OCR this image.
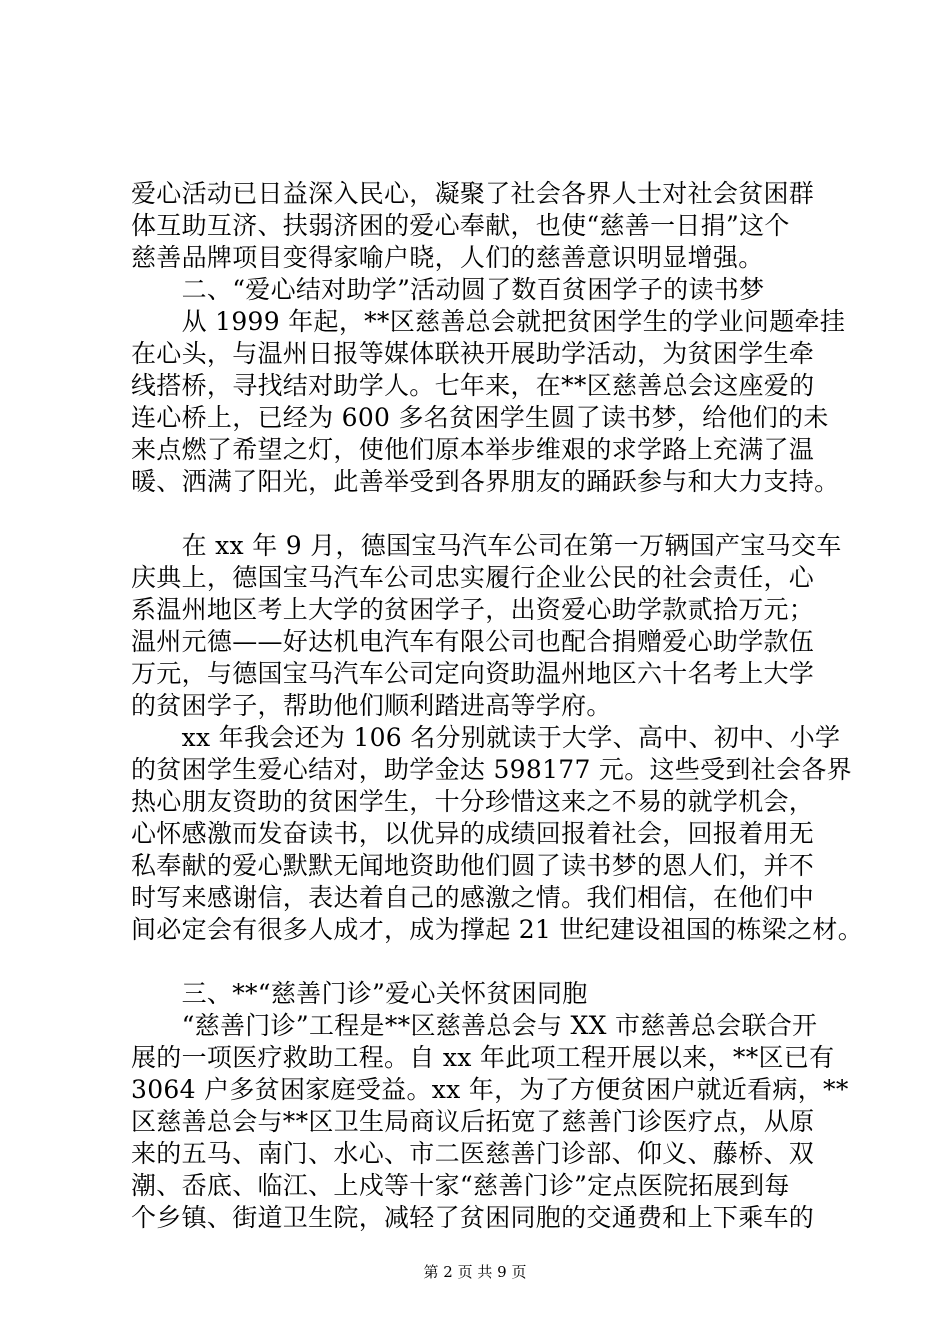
爱心活动已日益深入民心，凝聚了社会各界人士对社会贫困群
体互助互济、扶弱济困的爱心奉献，也使“慈善一日捐”这个
慈善品牌项目变得家喻户晓，人们的慈善意识明显增强。
　　二、“爱心结对助学”活动圆了数百贫困学子的读书梦
　　从 1999 年起，**区慈善总会就把贫困学生的学业问题牵挂
在心头，与温州日报等媒体联袂开展助学活动，为贫困学生牵
线搭桥，寻找结对助学人。七年来，在**区慈善总会这座爱的
连心桥上，已经为 600 多名贫困学生圆了读书梦，给他们的未
来点燃了希望之灯，使他们原本举步维艰的求学路上充满了温
暖、洒满了阳光，此善举受到各界朋友的踊跃参与和大力支持。
　　在 xx 年 9 月，德国宝马汽车公司在第一万辆国产宝马交车
庆典上，德国宝马汽车公司忠实履行企业公民的社会责任，心
系温州地区考上大学的贫困学子，出资爱心助学款贰拾万元；
温州元德——好达机电汽车有限公司也配合捐赠爱心助学款伍
万元，与德国宝马汽车公司定向资助温州地区六十名考上大学
的贫困学子，帮助他们顺利踏进高等学府。
　　xx 年我会还为 106 名分别就读于大学、高中、初中、小学
的贫困学生爱心结对，助学金达 598177 元。这些受到社会各界
热心朋友资助的贫困学生，十分珍惜这来之不易的就学机会，
心怀感激而发奋读书，以优异的成绩回报着社会，回报着用无
私奉献的爱心默默无闻地资助他们圆了读书梦的恩人们，并不
时写来感谢信，表达着自己的感激之情。我们相信，在他们中
间必定会有很多人成才，成为撑起 21 世纪建设祖国的栋梁之材。
　　三、**“慈善门诊”爱心关怀贫困同胞
　　“慈善门诊”工程是**区慈善总会与 XX 市慈善总会联合开
展的一项医疗救助工程。自 xx 年此项工程开展以来，**区已有
3064 户多贫困家庭受益。xx 年，为了方便贫困户就近看病，**
区慈善总会与**区卫生局商议后拓宽了慈善门诊医疗点，从原
来的五马、南门、水心、市二医慈善门诊部、仰义、藤桥、双
潮、岙底、临江、上戍等十家“慈善门诊”定点医院拓展到每
个乡镇、街道卫生院，减轻了贫困同胞的交通费和上下乘车的
第 2 页 共 9 页
